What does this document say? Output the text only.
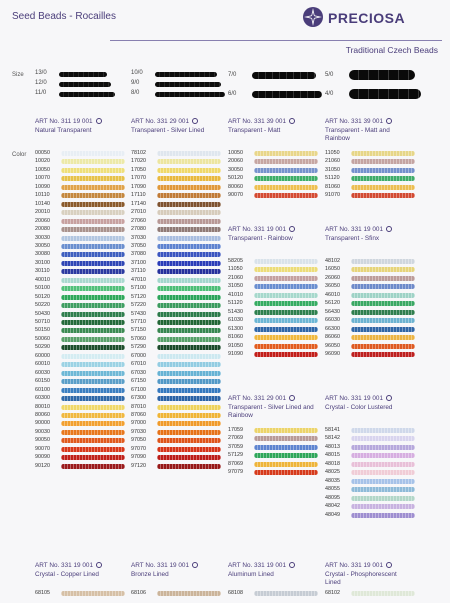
Seed Beads - Rocailles	PRECIOSA
Traditional Czech Beads
Size
Color
13/0
12/0
11/0
10/0
9/0
8/0
7/0
6/0
5/0
4/0
ART No. 311 19 001
Natural Transparent
00050
10020
10050
10070
10090
10110
10140
20010
20060
20080
30030
30050
30080
30100
30110
40010
50100
50120
50220
50430
50710
50150
50060
50290
60000
60010
60030
60150
60100
60300
80010
80060
90000
90030
90050
90070
90090
90120
ART No. 331 29 001
Transparent - Silver Lined
78102
17020
17050
17070
17090
17110
17140
27010
27060
27080
37030
37050
37080
37100
37110
47010
57100
57120
57220
57430
57710
57150
57060
57290
67000
67010
67030
67150
67100
67300
87010
87060
97000
97030
97050
97070
97090
97120
ART No. 331 39 001
Transparent - Matt
10050
20060
30050
50120
80060
90070
ART No. 331 19 001
Transparent - Rainbow
58205
11050
21060
31050
41010
51120
51430
61030
61300
81060
91050
91090
ART No. 331 29 001
Transparent - Silver Lined and Rainbow
17059
27069
37059
57129
87069
97079
ART No. 331 39 001
Transparent - Matt and Rainbow
11050
21060
31050
51120
81060
91070
ART No. 331 19 001
Transparent - Sfinx
48102
16050
26060
36050
46010
56120
56430
66030
66300
86060
96050
96090
ART No. 331 19 001
Crystal - Color Lustered
58141
58142
48013
48015
48018
48025
48035
48055
48095
48042
48049
ART No. 331 19 001
Crystal - Copper Lined
68105
ART No. 331 19 001
Bronze Lined
68106
ART No. 331 19 001
Aluminum Lined
68108
ART No. 331 19 001
Crystal - Phosphorescent Lined
68102
